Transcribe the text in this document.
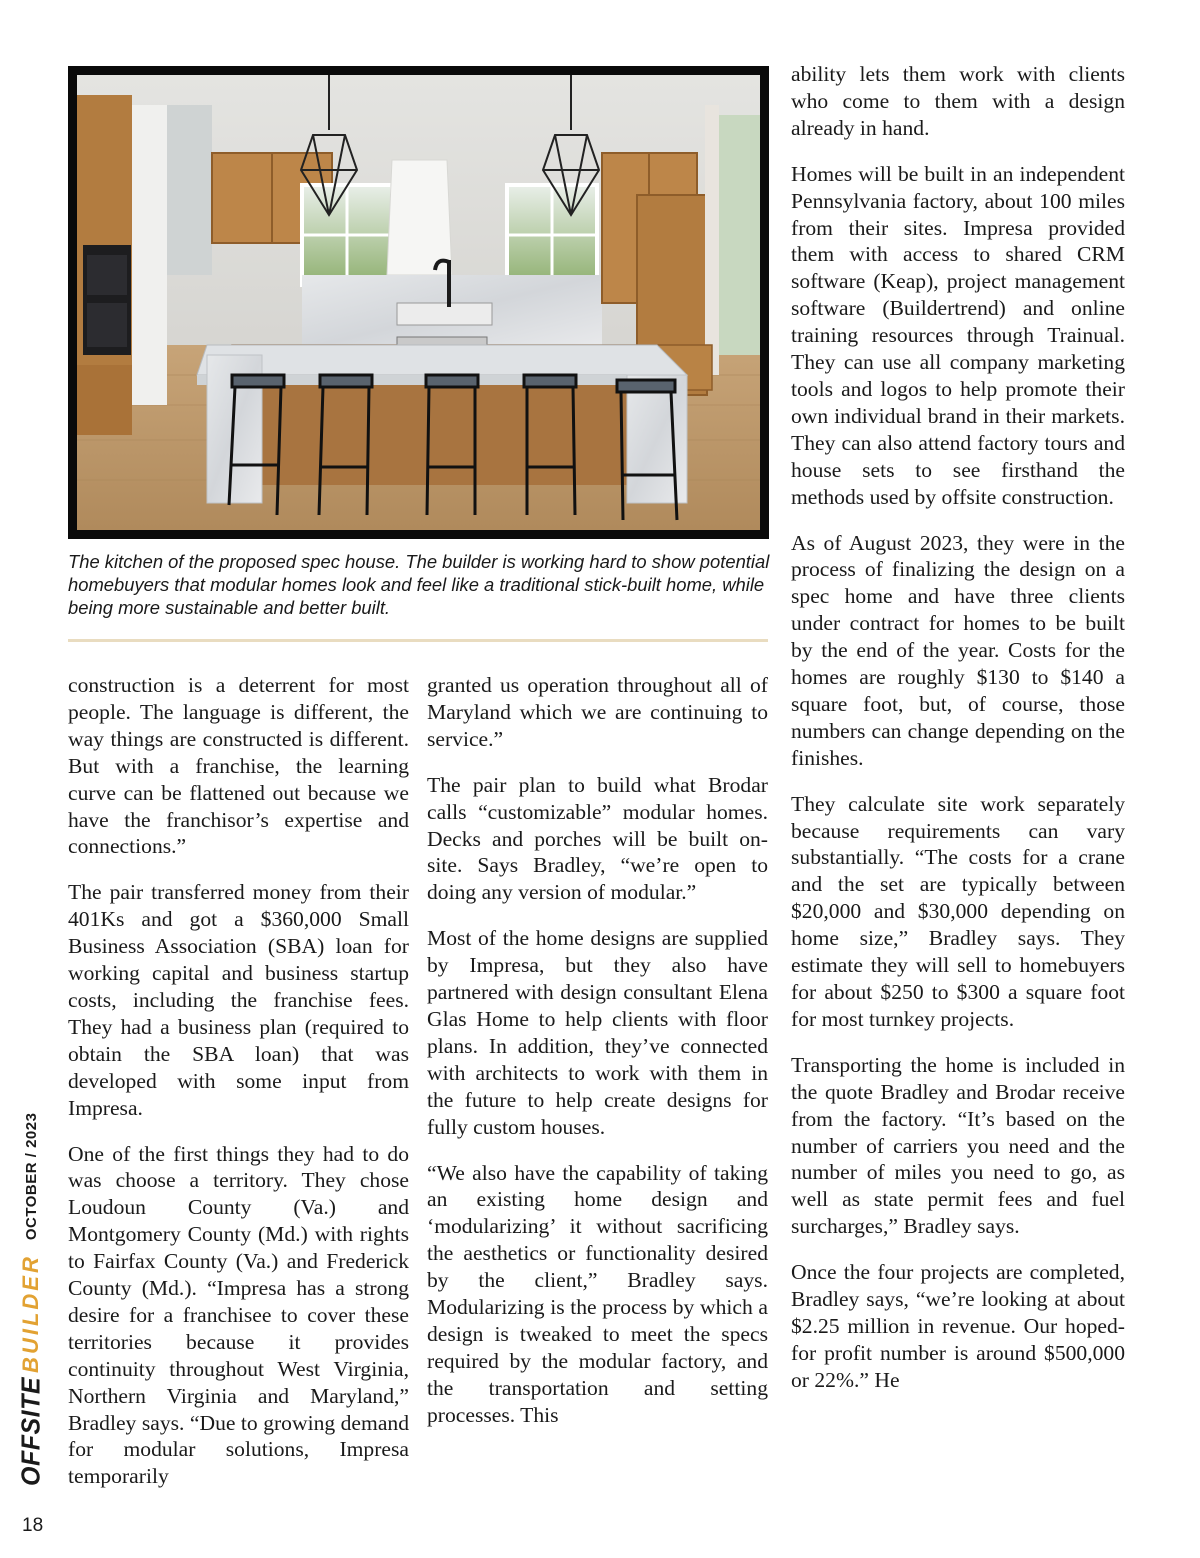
The kitchen of the proposed spec house. The builder is working hard to show potential homebuyers that modular homes look and feel like a traditional stick-built home, while being more sustainable and better built.

construction is a deterrent for most people. The language is different, the way things are constructed is different. But with a franchise, the learning curve can be flattened out because we have the franchisor’s expertise and connections.”

The pair transferred money from their 401Ks and got a $360,000 Small Business Association (SBA) loan for working capital and business startup costs, including the franchise fees. They had a business plan (required to obtain the SBA loan) that was developed with some input from Impresa.

One of the first things they had to do was choose a territory. They chose Loudoun County (Va.) and Montgomery County (Md.) with rights to Fairfax County (Va.) and Frederick County (Md.). “Impresa has a strong desire for a franchisee to cover these territories because it provides continuity throughout West Virginia, Northern Virginia and Maryland,” Bradley says. “Due to growing demand for modular solutions, Impresa temporarily

granted us operation throughout all of Maryland which we are continuing to service.”

The pair plan to build what Brodar calls “customizable” modular homes. Decks and porches will be built on-site. Says Bradley, “we’re open to doing any version of modular.”

Most of the home designs are supplied by Impresa, but they also have partnered with design consultant Elena Glas Home to help clients with floor plans. In addition, they’ve connected with architects to work with them in the future to help create designs for fully custom houses.

“We also have the capability of taking an existing home design and ‘modularizing’ it without sacrificing the aesthetics or functionality desired by the client,” Bradley says. Modularizing is the process by which a design is tweaked to meet the specs required by the modular factory, and the transportation and setting processes. This

ability lets them work with clients who come to them with a design already in hand.

Homes will be built in an independent Pennsylvania factory, about 100 miles from their sites. Impresa provided them with access to shared CRM software (Keap), project management software (Buildertrend) and online training resources through Trainual. They can use all company marketing tools and logos to help promote their own individual brand in their markets. They can also attend factory tours and house sets to see firsthand the methods used by offsite construction.

As of August 2023, they were in the process of finalizing the design on a spec home and have three clients under contract for homes to be built by the end of the year. Costs for the homes are roughly $130 to $140 a square foot, but, of course, those numbers can change depending on the finishes.

They calculate site work separately because requirements can vary substantially. “The costs for a crane and the set are typically between $20,000 and $30,000 depending on home size,” Bradley says. They estimate they will sell to homebuyers for about $250 to $300 a square foot for most turnkey projects.

Transporting the home is included in the quote Bradley and Brodar receive from the factory. “It’s based on the number of carriers you need and the number of miles you need to go, as well as state permit fees and fuel surcharges,” Bradley says.

Once the four projects are completed, Bradley says, “we’re looking at about $2.25 million in revenue. Our hoped-for profit number is around $500,000 or 22%.” He

OFFSITE
BUILDER
OCTOBER / 2023
18
